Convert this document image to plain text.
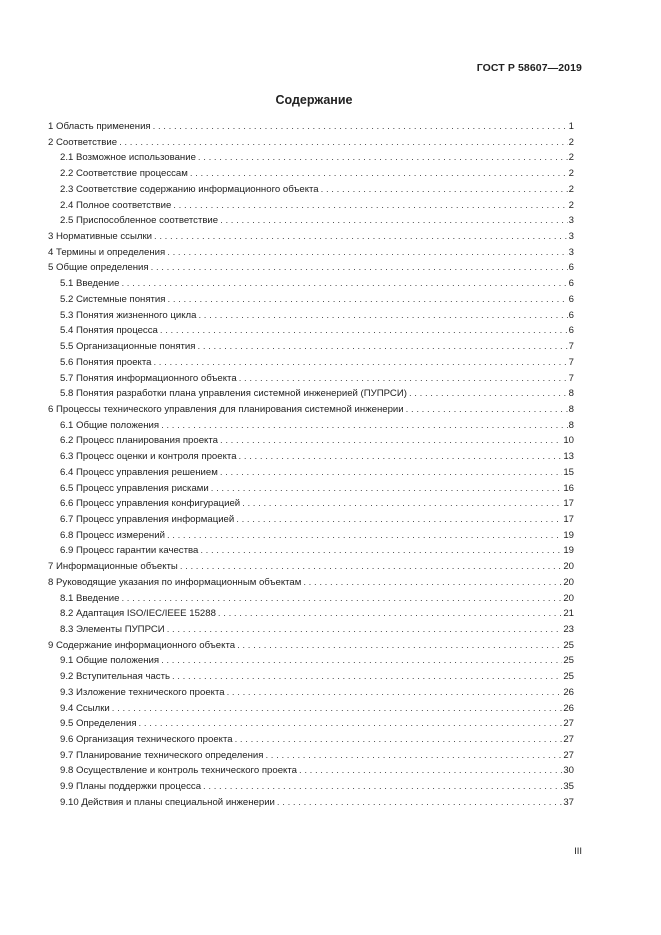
ГОСТ Р 58607—2019
Содержание
1 Область применения . . .	1
2 Соответствие . . .	2
2.1 Возможное использование . . .	2
2.2 Соответствие процессам . . .	2
2.3 Соответствие содержанию информационного объекта . . .	2
2.4 Полное соответствие . . .	2
2.5 Приспособленное соответствие . . .	3
3 Нормативные ссылки . . .	3
4 Термины и определения . . .	3
5 Общие определения . . .	6
5.1 Введение . . .	6
5.2 Системные понятия . . .	6
5.3 Понятия жизненного цикла . . .	6
5.4 Понятия процесса . . .	6
5.5 Организационные понятия . . .	7
5.6 Понятия проекта . . .	7
5.7 Понятия информационного объекта . . .	7
5.8 Понятия разработки плана управления системной инженерией (ПУПРСИ) . . .	8
6 Процессы технического управления для планирования системной инженерии . . .	8
6.1 Общие положения . . .	8
6.2 Процесс планирования проекта . . .	10
6.3 Процесс оценки и контроля проекта . . .	13
6.4 Процесс управления решением . . .	15
6.5 Процесс управления рисками . . .	16
6.6 Процесс управления конфигурацией . . .	17
6.7 Процесс управления информацией . . .	17
6.8 Процесс измерений . . .	19
6.9 Процесс гарантии качества . . .	19
7 Информационные объекты . . .	20
8 Руководящие указания по информационным объектам . . .	20
8.1 Введение . . .	20
8.2 Адаптация ISO/IEC/IEEE 15288 . . .	21
8.3 Элементы ПУПРСИ . . .	23
9 Содержание информационного объекта . . .	25
9.1 Общие положения . . .	25
9.2 Вступительная часть . . .	25
9.3 Изложение технического проекта . . .	26
9.4 Ссылки . . .	26
9.5 Определения . . .	27
9.6 Организация технического проекта . . .	27
9.7 Планирование технического определения . . .	27
9.8 Осуществление и контроль технического проекта . . .	30
9.9 Планы поддержки процесса . . .	35
9.10 Действия и планы специальной инженерии . . .	37
III
